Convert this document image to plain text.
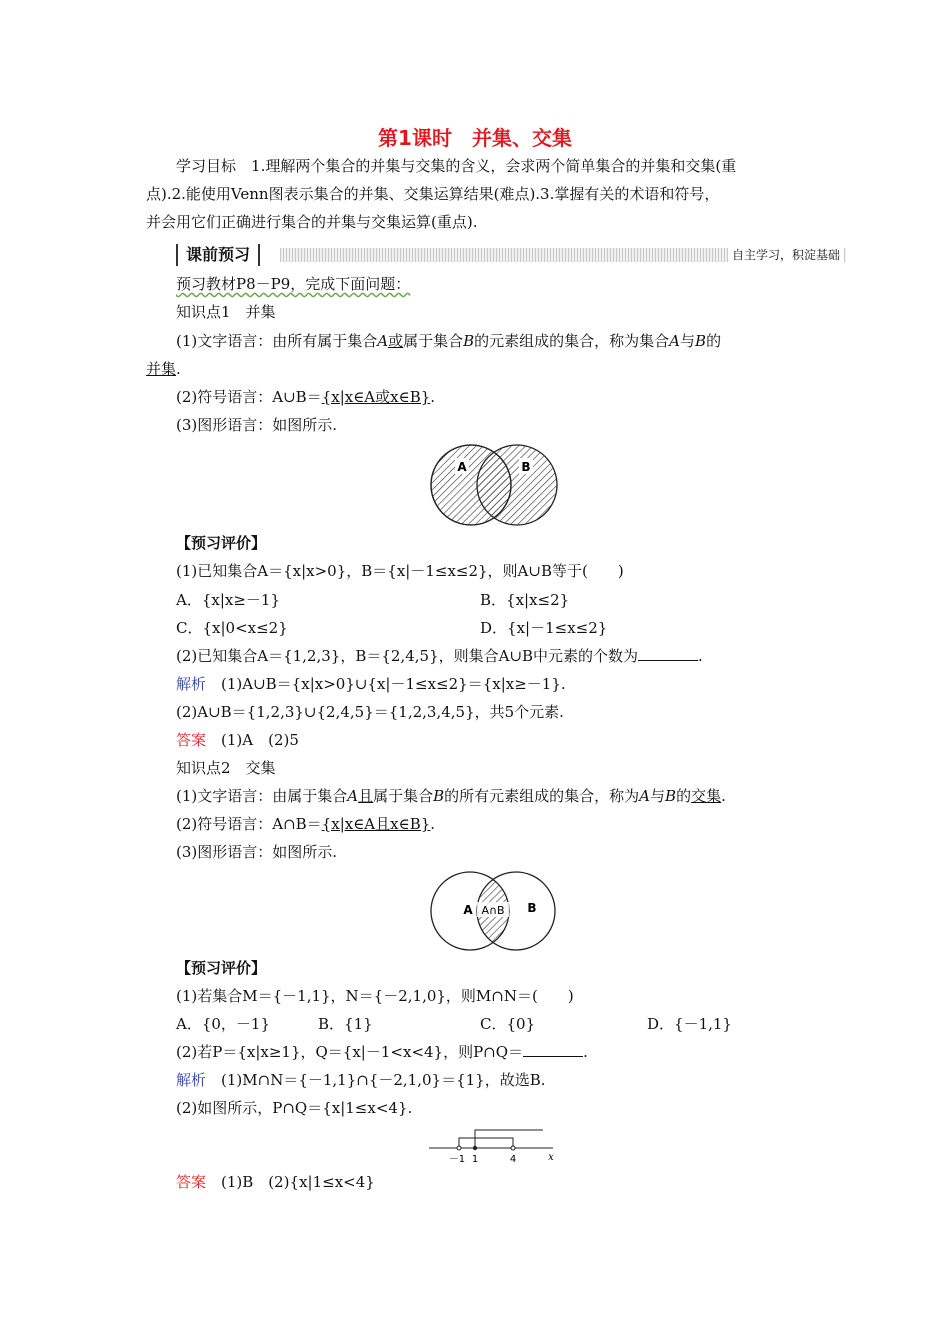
第1课时　并集、交集
学习目标　 1.理解两个集合的并集与交集的含义，会求两个简单集合的并集和交集(重
点).2.能使用Venn图表示集合的并集、交集运算结果(难点).3.掌握有关的术语和符号，
并会用它们正确进行集合的并集与交集运算(重点).
课前预习	自主学习，积淀基础
预习教材P8－P9，完成下面问题：
知识点1　并集
(1)文字语言：由所有属于集合A或属于集合B的元素组成的集合，称为集合A与B的
并集.
(2)符号语言：A∪B＝{x|x∈A或x∈B}.
(3)图形语言：如图所示.
A	B
【预习评价】
(1)已知集合A＝{x|x>0}，B＝{x|－1≤x≤2}，则A∪B等于(　　)
A．{x|x≥－1}	B．{x|x≤2}
C．{x|0<x≤2}	D．{x|－1≤x≤2}
(2)已知集合A＝{1,2,3}，B＝{2,4,5}，则集合A∪B中元素的个数为	.
解析　(1)A∪B＝{x|x>0}∪{x|－1≤x≤2}＝{x|x≥－1}.
(2)A∪B＝{1,2,3}∪{2,4,5}＝{1,2,3,4,5}，共5个元素.
答案　(1)A　(2)5
知识点2　交集
(1)文字语言：由属于集合A且属于集合B的所有元素组成的集合，称为A与B的交集.
(2)符号语言：A∩B＝{x|x∈A且x∈B}.
(3)图形语言：如图所示.
A A∩B B
【预习评价】
(1)若集合M＝{－1,1}，N＝{－2,1,0}，则M∩N＝(　　)
A．{0，－1}	B．{1}	C．{0}	D．{－1,1}
(2)若P＝{x|x≥1}，Q＝{x|－1<x<4}，则P∩Q＝	.
解析　(1)M∩N＝{－1,1}∩{－2,1,0}＝{1}，故选B.
(2)如图所示，P∩Q＝{x|1≤x<4}.
－1 1	4	x
答案　(1)B　(2){x|1≤x<4}
